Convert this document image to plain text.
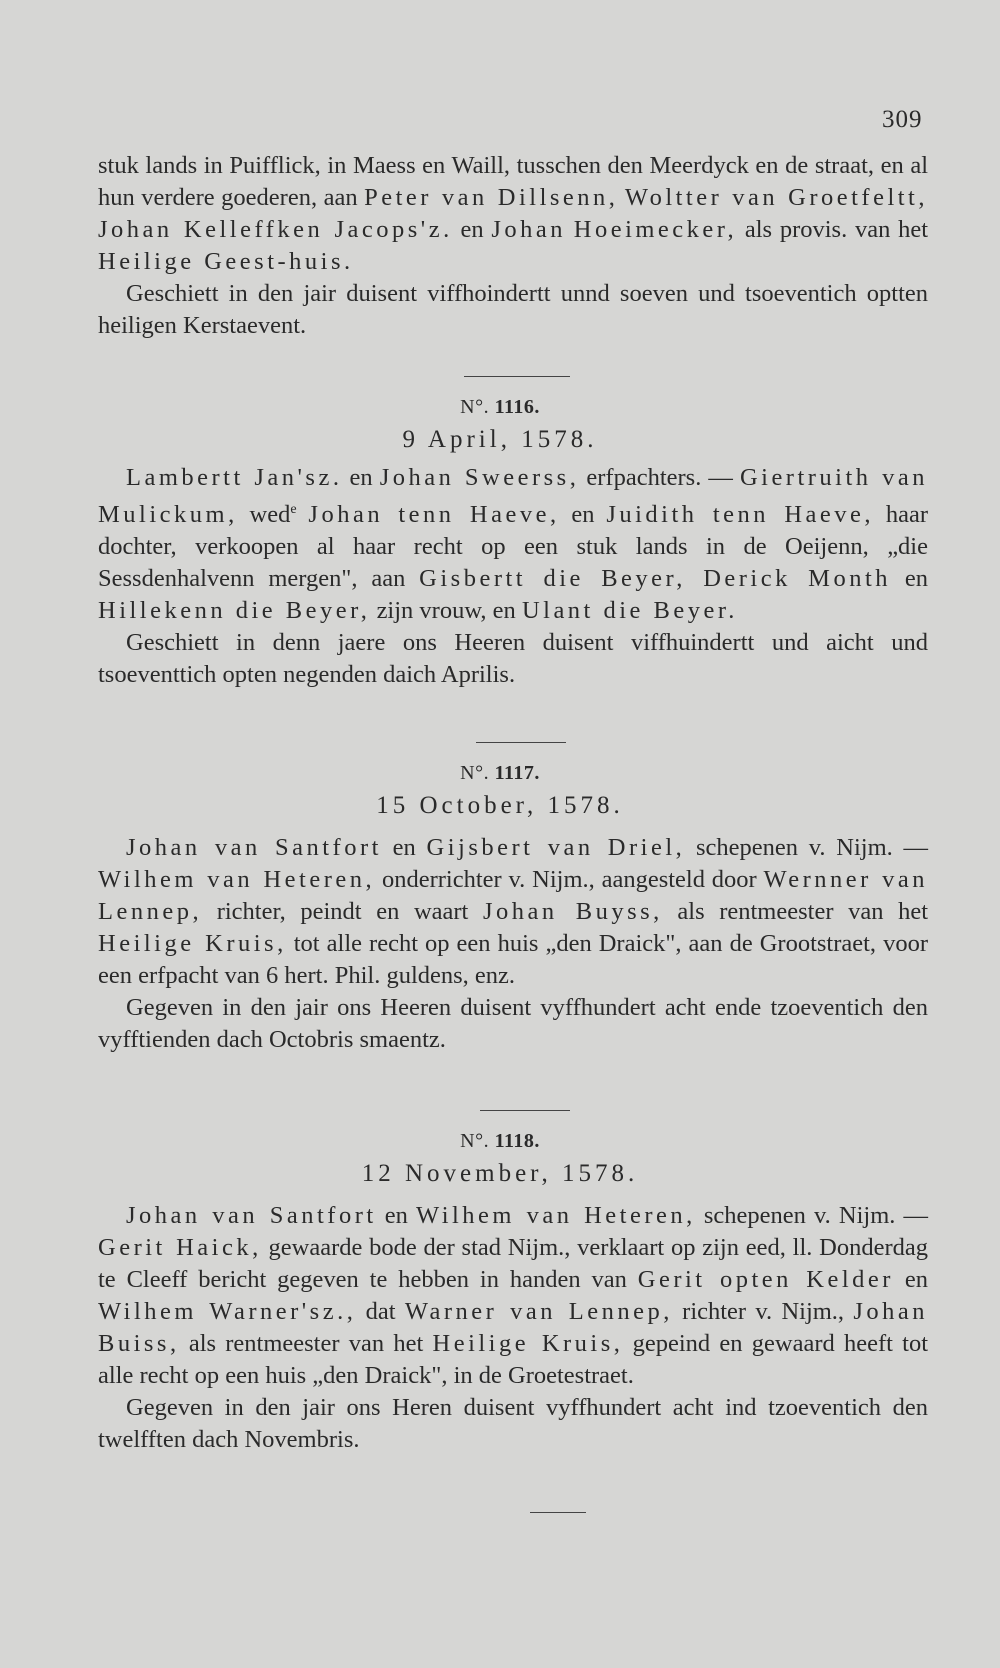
309
stuk lands in Puifflick, in Maess en Waill, tusschen den Meerdyck en de straat, en al hun verdere goederen, aan Peter van Dillsenn, Woltter van Groetfeltt, Johan Kelleffken Jacops'z. en Johan Hoeimecker, als provis. van het Heilige Geest-huis.
Geschiett in den jair duisent viffhoindertt unnd soeven und tsoeventich optten heiligen Kerstaevent.
N°. 1116.
9 April, 1578.
Lambertt Jan'sz. en Johan Sweerss, erfpachters. — Giertruith van Mulickum, wed$^e$ Johan tenn Haeve, en Juidith tenn Haeve, haar dochter, verkoopen al haar recht op een stuk lands in de Oeijenn, „die Sessdenhalvenn mergen", aan Gisbertt die Beyer, Derick Month en Hillekenn die Beyer, zijn vrouw, en Ulant die Beyer.
Geschiett in denn jaere ons Heeren duisent viffhuindertt und aicht und tsoeventtich opten negenden daich Aprilis.
N°. 1117.
15 October, 1578.
Johan van Santfort en Gijsbert van Driel, schepenen v. Nijm. — Wilhem van Heteren, onderrichter v. Nijm., aangesteld door Wernner van Lennep, richter, peindt en waart Johan Buyss, als rentmeester van het Heilige Kruis, tot alle recht op een huis „den Draick", aan de Grootstraet, voor een erfpacht van 6 hert. Phil. guldens, enz.
Gegeven in den jair ons Heeren duisent vyffhundert acht ende tzoeventich den vyfftienden dach Octobris smaentz.
N°. 1118.
12 November, 1578.
Johan van Santfort en Wilhem van Heteren, schepenen v. Nijm. — Gerit Haick, gewaarde bode der stad Nijm., verklaart op zijn eed, ll. Donderdag te Cleeff bericht gegeven te hebben in handen van Gerit opten Kelder en Wilhem Warner'sz., dat Warner van Lennep, richter v. Nijm., Johan Buiss, als rentmeester van het Heilige Kruis, gepeind en gewaard heeft tot alle recht op een huis „den Draick", in de Groetestraet.
Gegeven in den jair ons Heren duisent vyffhundert acht ind tzoeventich den twelfften dach Novembris.
